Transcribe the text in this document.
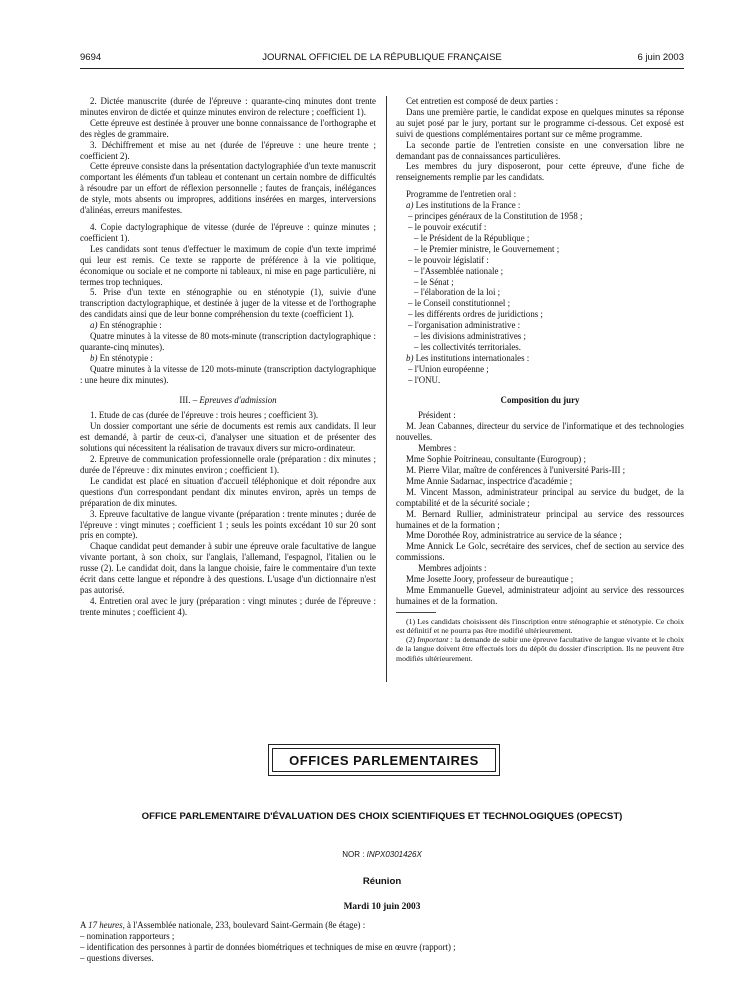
9694	JOURNAL OFFICIEL DE LA RÉPUBLIQUE FRANÇAISE	6 juin 2003

2. Dictée manuscrite (durée de l'épreuve : quarante-cinq minutes dont trente minutes environ de dictée et quinze minutes environ de relecture ; coefficient 1).

Cette épreuve est destinée à prouver une bonne connaissance de l'orthographe et des règles de grammaire.

3. Déchiffrement et mise au net (durée de l'épreuve : une heure trente ; coefficient 2).

Cette épreuve consiste dans la présentation dactylographiée d'un texte manuscrit comportant les éléments d'un tableau et contenant un certain nombre de difficultés à résoudre par un effort de réflexion personnelle ; fautes de français, inélégances de style, mots absents ou impropres, additions insérées en marges, interversions d'alinéas, erreurs manifestes.

4. Copie dactylographique de vitesse (durée de l'épreuve : quinze minutes ; coefficient 1).

Les candidats sont tenus d'effectuer le maximum de copie d'un texte imprimé qui leur est remis. Ce texte se rapporte de préférence à la vie politique, économique ou sociale et ne comporte ni tableaux, ni mise en page particulière, ni termes trop techniques.

5. Prise d'un texte en sténographie ou en sténotypie (1), suivie d'une transcription dactylographique, et destinée à juger de la vitesse et de l'orthographe des candidats ainsi que de leur bonne compréhension du texte (coefficient 1).

a) En sténographie :

Quatre minutes à la vitesse de 80 mots-minute (transcription dactylographique : quarante-cinq minutes).

b) En sténotypie :

Quatre minutes à la vitesse de 120 mots-minute (transcription dactylographique : une heure dix minutes).

III. – Epreuves d'admission

1. Etude de cas (durée de l'épreuve : trois heures ; coefficient 3).

Un dossier comportant une série de documents est remis aux candidats. Il leur est demandé, à partir de ceux-ci, d'analyser une situation et de présenter des solutions qui nécessitent la réalisation de travaux divers sur micro-ordinateur.

2. Epreuve de communication professionnelle orale (préparation : dix minutes ; durée de l'épreuve : dix minutes environ ; coefficient 1).

Le candidat est placé en situation d'accueil téléphonique et doit répondre aux questions d'un correspondant pendant dix minutes environ, après un temps de préparation de dix minutes.

3. Epreuve facultative de langue vivante (préparation : trente minutes ; durée de l'épreuve : vingt minutes ; coefficient 1 ; seuls les points excédant 10 sur 20 sont pris en compte).

Chaque candidat peut demander à subir une épreuve orale facultative de langue vivante portant, à son choix, sur l'anglais, l'allemand, l'espagnol, l'italien ou le russe (2). Le candidat doit, dans la langue choisie, faire le commentaire d'un texte écrit dans cette langue et répondre à des questions. L'usage d'un dictionnaire n'est pas autorisé.

4. Entretien oral avec le jury (préparation : vingt minutes ; durée de l'épreuve : trente minutes ; coefficient 4).

Cet entretien est composé de deux parties :

Dans une première partie, le candidat expose en quelques minutes sa réponse au sujet posé par le jury, portant sur le programme ci-dessous. Cet exposé est suivi de questions complémentaires portant sur ce même programme.

La seconde partie de l'entretien consiste en une conversation libre ne demandant pas de connaissances particulières.

Les membres du jury disposeront, pour cette épreuve, d'une fiche de renseignements remplie par les candidats.

Programme de l'entretien oral :

a) Les institutions de la France :

– principes généraux de la Constitution de 1958 ;
– le pouvoir exécutif :
– le Président de la République ;
– le Premier ministre, le Gouvernement ;
– le pouvoir législatif :
– l'Assemblée nationale ;
– le Sénat ;
– l'élaboration de la loi ;
– le Conseil constitutionnel ;
– les différents ordres de juridictions ;
– l'organisation administrative :
– les divisions administratives ;
– les collectivités territoriales.

b) Les institutions internationales :

– l'Union européenne ;
– l'ONU.

Composition du jury

Président :

M. Jean Cabannes, directeur du service de l'informatique et des technologies nouvelles.

Membres :

Mme Sophie Poitrineau, consultante (Eurogroup) ;

M. Pierre Vilar, maître de conférences à l'université Paris-III ;

Mme Annie Sadarnac, inspectrice d'académie ;

M. Vincent Masson, administrateur principal au service du budget, de la comptabilité et de la sécurité sociale ;

M. Bernard Rullier, administrateur principal au service des ressources humaines et de la formation ;

Mme Dorothée Roy, administratrice au service de la séance ;

Mme Annick Le Golc, secrétaire des services, chef de section au service des commissions.

Membres adjoints :

Mme Josette Joory, professeur de bureautique ;

Mme Emmanuelle Guevel, administrateur adjoint au service des ressources humaines et de la formation.

(1) Les candidats choisissent dès l'inscription entre sténographie et sténotypie. Ce choix est définitif et ne pourra pas être modifié ultérieurement.

(2) Important : la demande de subir une épreuve facultative de langue vivante et le choix de la langue doivent être effectués lors du dépôt du dossier d'inscription. Ils ne peuvent être modifiés ultérieurement.

OFFICES PARLEMENTAIRES
OFFICE PARLEMENTAIRE D'ÉVALUATION DES CHOIX SCIENTIFIQUES ET TECHNOLOGIQUES (OPECST)
NOR : INPX0301426X
Réunion
Mardi 10 juin 2003
A 17 heures, à l'Assemblée nationale, 233, boulevard Saint-Germain (8e étage) :
– nomination rapporteurs ;
– identification des personnes à partir de données biométriques et techniques de mise en œuvre (rapport) ;
– questions diverses.
